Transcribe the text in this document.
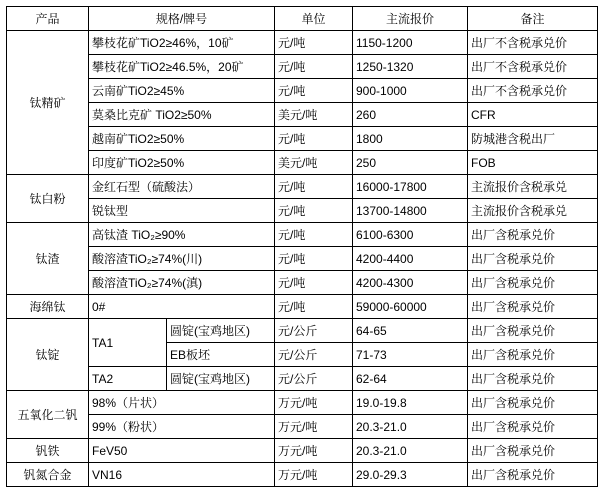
产品	规格/牌号		单位	主流报价	备注
钛精矿	攀枝花矿TiO2≥46%，10矿		元/吨	1150-1200	出厂不含税承兑价
	攀枝花矿TiO2≥46.5%，20矿		元/吨	1250-1320	出厂不含税承兑价
	云南矿TiO2≥45%		元/吨	900-1000	出厂不含税承兑价
	莫桑比克矿 TiO2≥50%		美元/吨	260	CFR
	越南矿TiO2≥50%		元/吨	1800	防城港含税出厂
	印度矿TiO2≥50%		美元/吨	250	FOB
钛白粉	金红石型（硫酸法）		元/吨	16000-17800	主流报价含税承兑
	锐钛型		元/吨	13700-14800	主流报价含税承兑
钛渣	高钛渣 TiO₂≥90%		元/吨	6100-6300	出厂含税承兑价
	酸溶渣TiO₂≥74%(川)		元/吨	4200-4400	出厂含税承兑价
	酸溶渣TiO₂≥74%(滇)		元/吨	4200-4300	出厂含税承兑价
海绵钛	0#		元/吨	59000-60000	出厂含税承兑价
钛锭	TA1	圆锭(宝鸡地区)	元/公斤	64-65	出厂含税承兑价
		EB板坯	元/公斤	71-73	出厂含税承兑价
	TA2	圆锭(宝鸡地区)	元/公斤	62-64	出厂含税承兑价
五氧化二钒	98%（片状）		万元/吨	19.0-19.8	出厂含税承兑价
	99%（粉状）		万元/吨	20.3-21.0	出厂含税承兑价
钒铁	FeV50		万元/吨	20.3-21.0	出厂含税承兑价
钒氮合金	VN16		万元/吨	29.0-29.3	出厂含税承兑价
